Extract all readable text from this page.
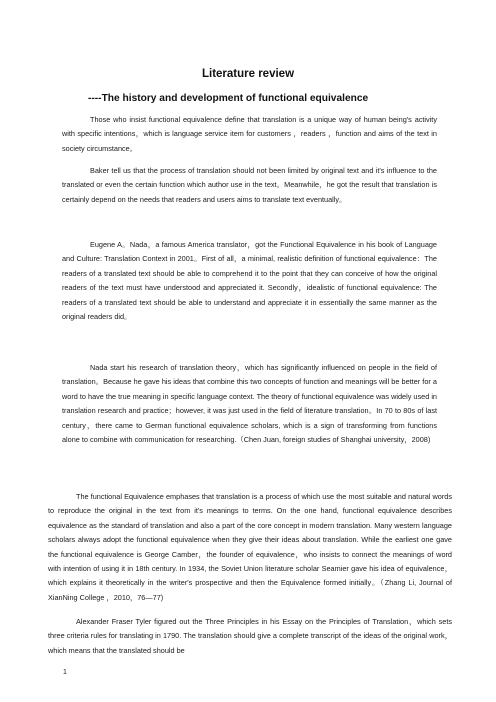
Literature review
----The history and development of functional equivalence

Those who insist functional equivalence define that translation is a unique way of human being's activity with specific intentions，which is language service item for customers ，readers ，function and aims of the text in society circumstance。

Baker tell us that the process of translation should not been limited by original text and it's influence to the translated or even the certain function which author use in the text。Meanwhile，he got the result that translation is certainly depend on the needs that readers and users aims to translate text eventually。

Eugene A。Nada，a famous America translator，got the Functional Equivalence in his book of Language and Culture: Translation Context in 2001。First of all，a minimal, realistic definition of functional equivalence：The readers of a translated text should be able to comprehend it to the point that they can conceive of how the original readers of the text must have understood and appreciated it. Secondly，idealistic of functional equivalence: The readers of a translated text should be able to understand and appreciate it in essentially the same manner as the original readers did。

Nada start his research of translation theory，which has significantly influenced on people in the field of translation。Because he gave his ideas that combine this two concepts of function and meanings will be better for a word to have the true meaning in specific language context. The theory of functional equivalence was widely used in translation research and practice；however, it was just used in the field of literature translation。In 70 to 80s of last century，there came to German functional equivalence scholars, which is a sign of transforming from functions alone to combine with communication for researching.（Chen Juan, foreign studies of Shanghai university，2008)

The functional Equivalence emphases that translation is a process of which use the most suitable and natural words to reproduce the original in the text from it's meanings to terms. On the one hand, functional equivalence describes equivalence as the standard of translation and also a part of the core concept in modern translation. Many western language scholars always adopt the functional equivalence when they give their ideas about translation. While the earliest one gave the functional equivalence is George Camber，the founder of equivalence，who insists to connect the meanings of word with intention of using it in 18th century. In 1934, the Soviet Union literature scholar Seamier gave his idea of equivalence，which explains it theoretically in the writer's prospective and then the Equivalence formed initially。（Zhang Li, Journal of XianNing College ，2010，76—77)

Alexander Fraser Tyler figured out the Three Principles in his Essay on the Principles of Translation，which sets three criteria rules for translating in 1790. The translation should give a complete transcript of the ideas of the original work，which means that the translated should be

1
